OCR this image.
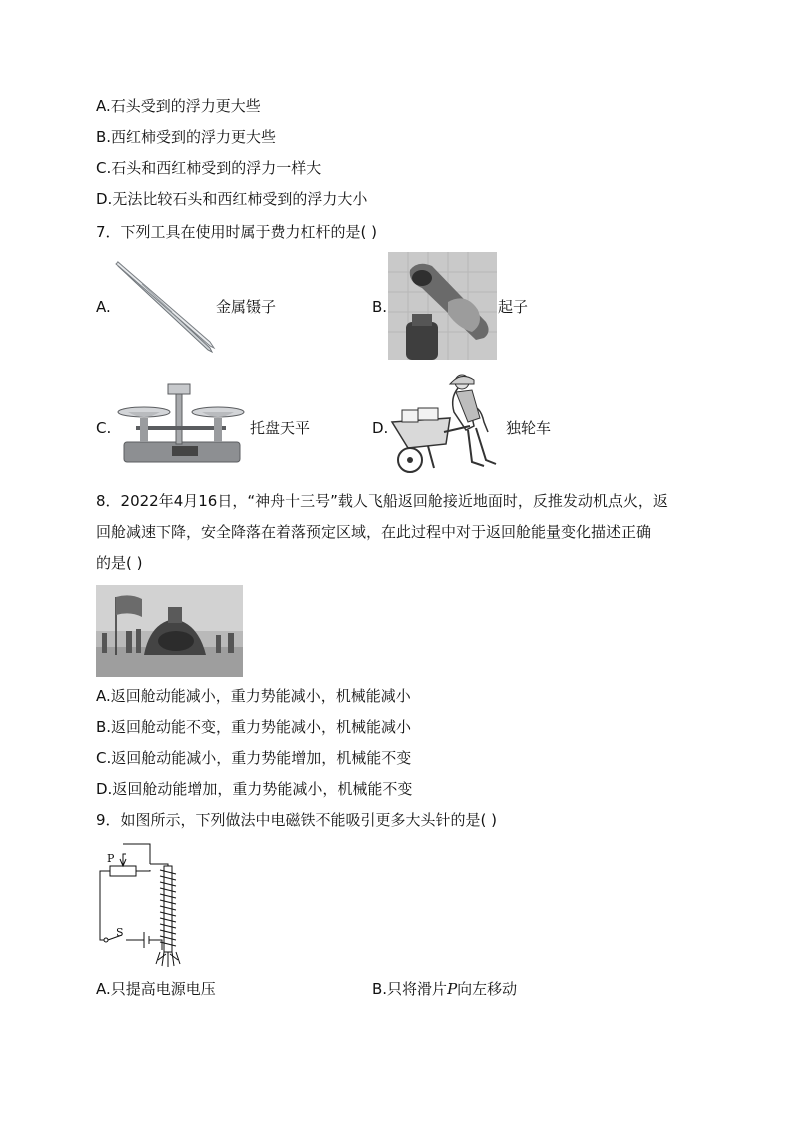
A.石头受到的浮力更大些
B.西红柿受到的浮力更大些
C.石头和西红柿受到的浮力一样大
D.无法比较石头和西红柿受到的浮力大小
7．下列工具在使用时属于费力杠杆的是( )
A.	金属镊子	B.	起子
C.	托盘天平	D.	独轮车
8．2022年4月16日，“神舟十三号”载人飞船返回舱接近地面时，反推发动机点火，返
回舱减速下降，安全降落在着落预定区域，在此过程中对于返回舱能量变化描述正确
的是( )
A.返回舱动能减小，重力势能减小，机械能减小
B.返回舱动能不变，重力势能减小，机械能减小
C.返回舱动能减小，重力势能增加，机械能不变
D.返回舱动能增加，重力势能减小，机械能不变
9．如图所示，下列做法中电磁铁不能吸引更多大头针的是( )
P
S
A.只提高电源电压	B.只将滑片P向左移动
